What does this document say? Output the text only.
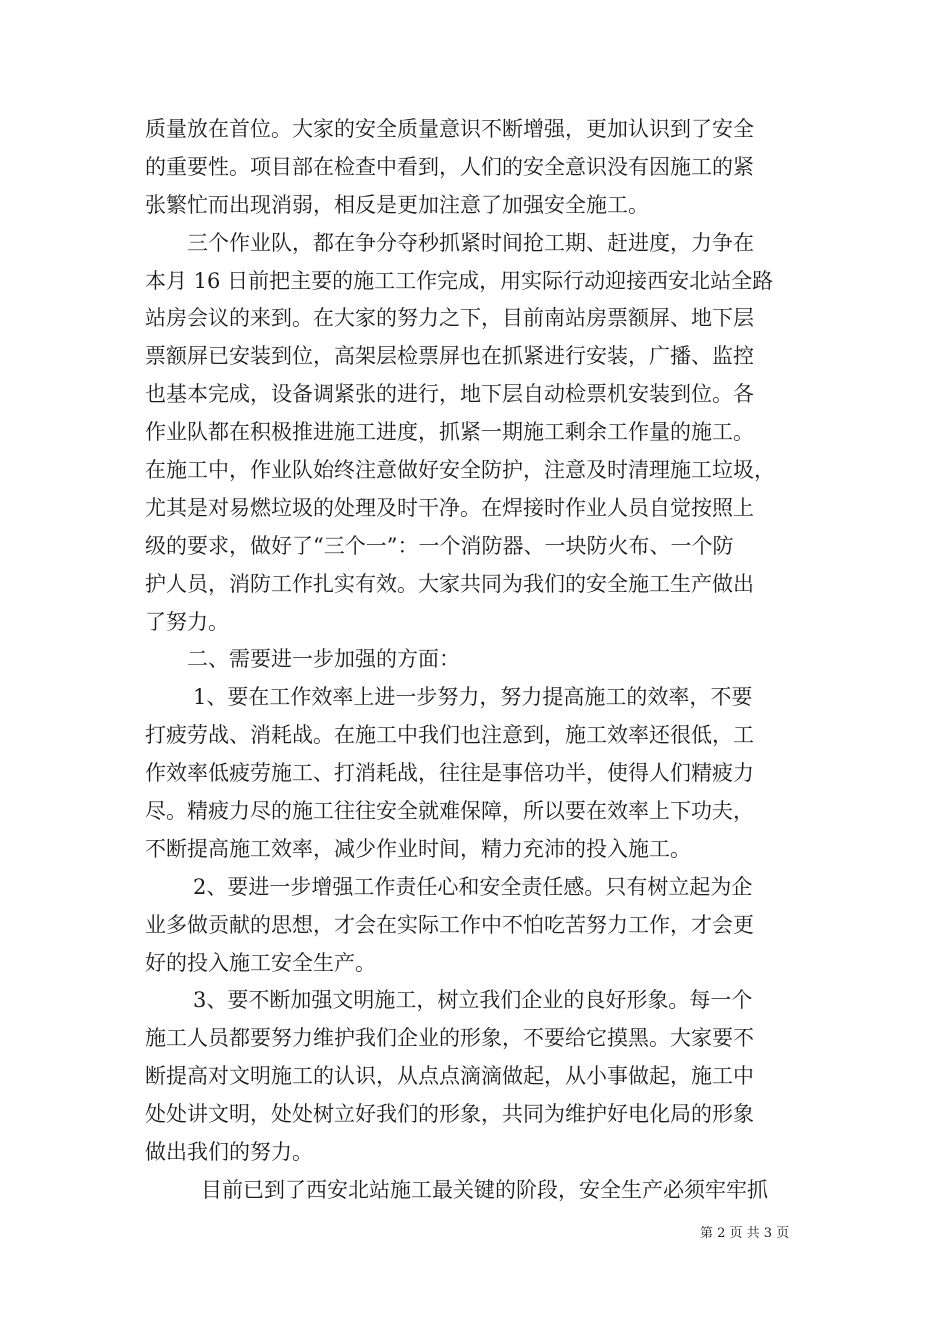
质量放在首位。大家的安全质量意识不断增强，更加认识到了安全
的重要性。项目部在检查中看到，人们的安全意识没有因施工的紧
张繁忙而出现消弱，相反是更加注意了加强安全施工。
三个作业队，都在争分夺秒抓紧时间抢工期、赶进度，力争在
本月 16 日前把主要的施工工作完成，用实际行动迎接西安北站全路
站房会议的来到。在大家的努力之下，目前南站房票额屏、地下层
票额屏已安装到位，高架层检票屏也在抓紧进行安装，广播、监控
也基本完成，设备调紧张的进行，地下层自动检票机安装到位。各
作业队都在积极推进施工进度，抓紧一期施工剩余工作量的施工。
在施工中，作业队始终注意做好安全防护，注意及时清理施工垃圾，
尤其是对易燃垃圾的处理及时干净。在焊接时作业人员自觉按照上
级的要求，做好了“三个一”：一个消防器、一块防火布、一个防
护人员，消防工作扎实有效。大家共同为我们的安全施工生产做出
了努力。
二、需要进一步加强的方面：
1、要在工作效率上进一步努力，努力提高施工的效率，不要
打疲劳战、消耗战。在施工中我们也注意到，施工效率还很低，工
作效率低疲劳施工、打消耗战，往往是事倍功半，使得人们精疲力
尽。精疲力尽的施工往往安全就难保障，所以要在效率上下功夫，
不断提高施工效率，减少作业时间，精力充沛的投入施工。
2、要进一步增强工作责任心和安全责任感。只有树立起为企
业多做贡献的思想，才会在实际工作中不怕吃苦努力工作，才会更
好的投入施工安全生产。
3、要不断加强文明施工，树立我们企业的良好形象。每一个
施工人员都要努力维护我们企业的形象，不要给它摸黑。大家要不
断提高对文明施工的认识，从点点滴滴做起，从小事做起，施工中
处处讲文明，处处树立好我们的形象，共同为维护好电化局的形象
做出我们的努力。
目前已到了西安北站施工最关键的阶段，安全生产必须牢牢抓
第 2 页 共 3 页
